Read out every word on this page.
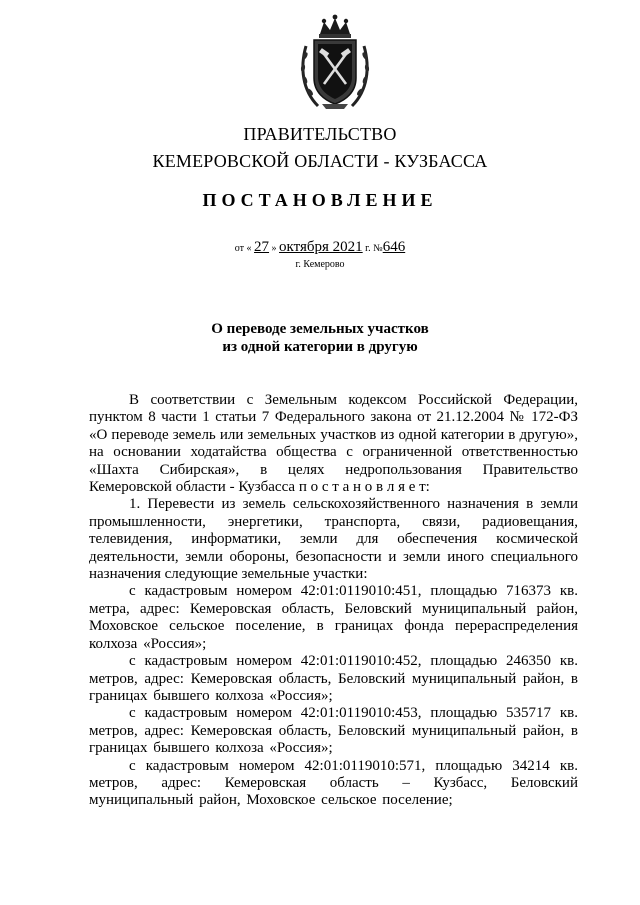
ПРАВИТЕЛЬСТВО
КЕМЕРОВСКОЙ ОБЛАСТИ - КУЗБАССА
ПОСТАНОВЛЕНИЕ
от « 27 » октября 2021 г. №646
г. Кемерово
О переводе земельных участков
из одной категории в другую

В соответствии с Земельным кодексом Российской Федерации, пунктом 8 части 1 статьи 7 Федерального закона от 21.12.2004 № 172-ФЗ «О переводе земель или земельных участков из одной категории в другую», на основании ходатайства общества с ограниченной ответственностью «Шахта Сибирская», в целях недропользования Правительство Кемеровской области - Кузбасса п о с т а н о в л я е т:

1. Перевести из земель сельскохозяйственного назначения в земли промышленности, энергетики, транспорта, связи, радиовещания, телевидения, информатики, земли для обеспечения космической деятельности, земли обороны, безопасности и земли иного специального назначения следующие земельные участки:

с кадастровым номером 42:01:0119010:451, площадью 716373 кв. метра, адрес: Кемеровская область, Беловский муниципальный район, Моховское сельское поселение, в границах фонда перераспределения колхоза «Россия»;

с кадастровым номером 42:01:0119010:452, площадью 246350 кв. метров, адрес: Кемеровская область, Беловский муниципальный район, в границах бывшего колхоза «Россия»;

с кадастровым номером 42:01:0119010:453, площадью 535717 кв. метров, адрес: Кемеровская область, Беловский муниципальный район, в границах бывшего колхоза «Россия»;

с кадастровым номером 42:01:0119010:571, площадью 34214 кв. метров, адрес: Кемеровская область – Кузбасс, Беловский муниципальный район, Моховское сельское поселение;
